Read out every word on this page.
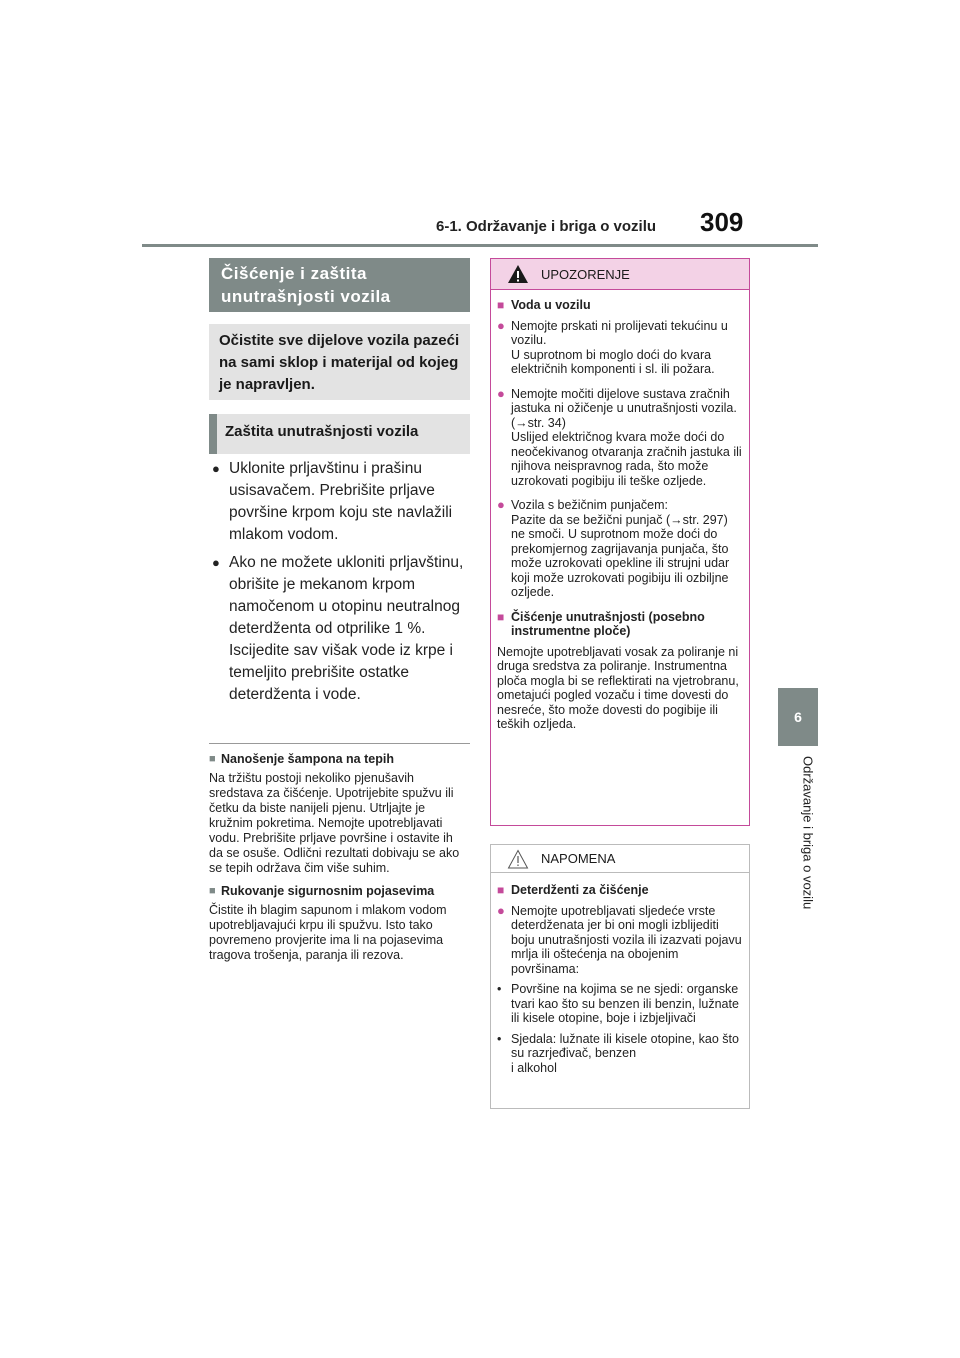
6-1. Održavanje i briga o vozilu 309
6
Održavanje i briga o vozilu
Čišćenje i zaštita
unutrašnjosti vozila
Očistite sve dijelove vozila pazeći na sami sklop i materijal od kojeg je napravljen.
Zaštita unutrašnjosti vozila
● Uklonite prljavštinu i prašinu usisavačem. Prebrišite prljave površine krpom koju ste navlažili mlakom vodom.
● Ako ne možete ukloniti prljavštinu, obrišite je mekanom krpom namočenom u otopinu neutralnog deterdženta od otprilike 1 %.
Iscijedite sav višak vode iz krpe i temeljito prebrišite ostatke deterdženta i vode.
■ Nanošenje šampona na tepih
Na tržištu postoji nekoliko pjenušavih sredstava za čišćenje. Upotrijebite spužvu ili četku da biste nanijeli pjenu. Utrljajte je kružnim pokretima. Nemojte upotrebljavati vodu. Prebrišite prljave površine i ostavite ih da se osuše. Odlični rezultati dobivaju se ako se tepih održava čim više suhim.
■ Rukovanje sigurnosnim pojasevima
Čistite ih blagim sapunom i mlakom vodom upotrebljavajući krpu ili spužvu. Isto tako povremeno provjerite ima li na pojasevima tragova trošenja, paranja ili rezova.
UPOZORENJE
■ Voda u vozilu
● Nemojte prskati ni prolijevati tekućinu u vozilu.
U suprotnom bi moglo doći do kvara električnih komponenti i sl. ili požara.
● Nemojte močiti dijelove sustava zračnih jastuka ni ožičenje u unutrašnjosti vozila. (→str. 34)
Uslijed električnog kvara može doći do neočekivanog otvaranja zračnih jastuka ili njihova neispravnog rada, što može uzrokovati pogibiju ili teške ozljede.
● Vozila s bežičnim punjačem:
Pazite da se bežični punjač (→str. 297) ne smoči. U suprotnom može doći do prekomjernog zagrijavanja punjača, što može uzrokovati opekline ili strujni udar koji može uzrokovati pogibiju ili ozbiljne ozljede.
■ Čišćenje unutrašnjosti (posebno instrumentne ploče)
Nemojte upotrebljavati vosak za poliranje ni druga sredstva za poliranje. Instrumentna ploča mogla bi se reflektirati na vjetrobranu, ometajući pogled vozaču i time dovesti do nesreće, što može dovesti do pogibije ili teških ozljeda.
NAPOMENA
■ Deterdženti za čišćenje
● Nemojte upotrebljavati sljedeće vrste deterdženata jer bi oni mogli izblijediti boju unutrašnjosti vozila ili izazvati pojavu mrlja ili oštećenja na obojenim površinama:
• Površine na kojima se ne sjedi: organske tvari kao što su benzen ili benzin, lužnate ili kisele otopine, boje i izbjeljivači
• Sjedala: lužnate ili kisele otopine, kao što su razrjeđivač, benzen
i alkohol
